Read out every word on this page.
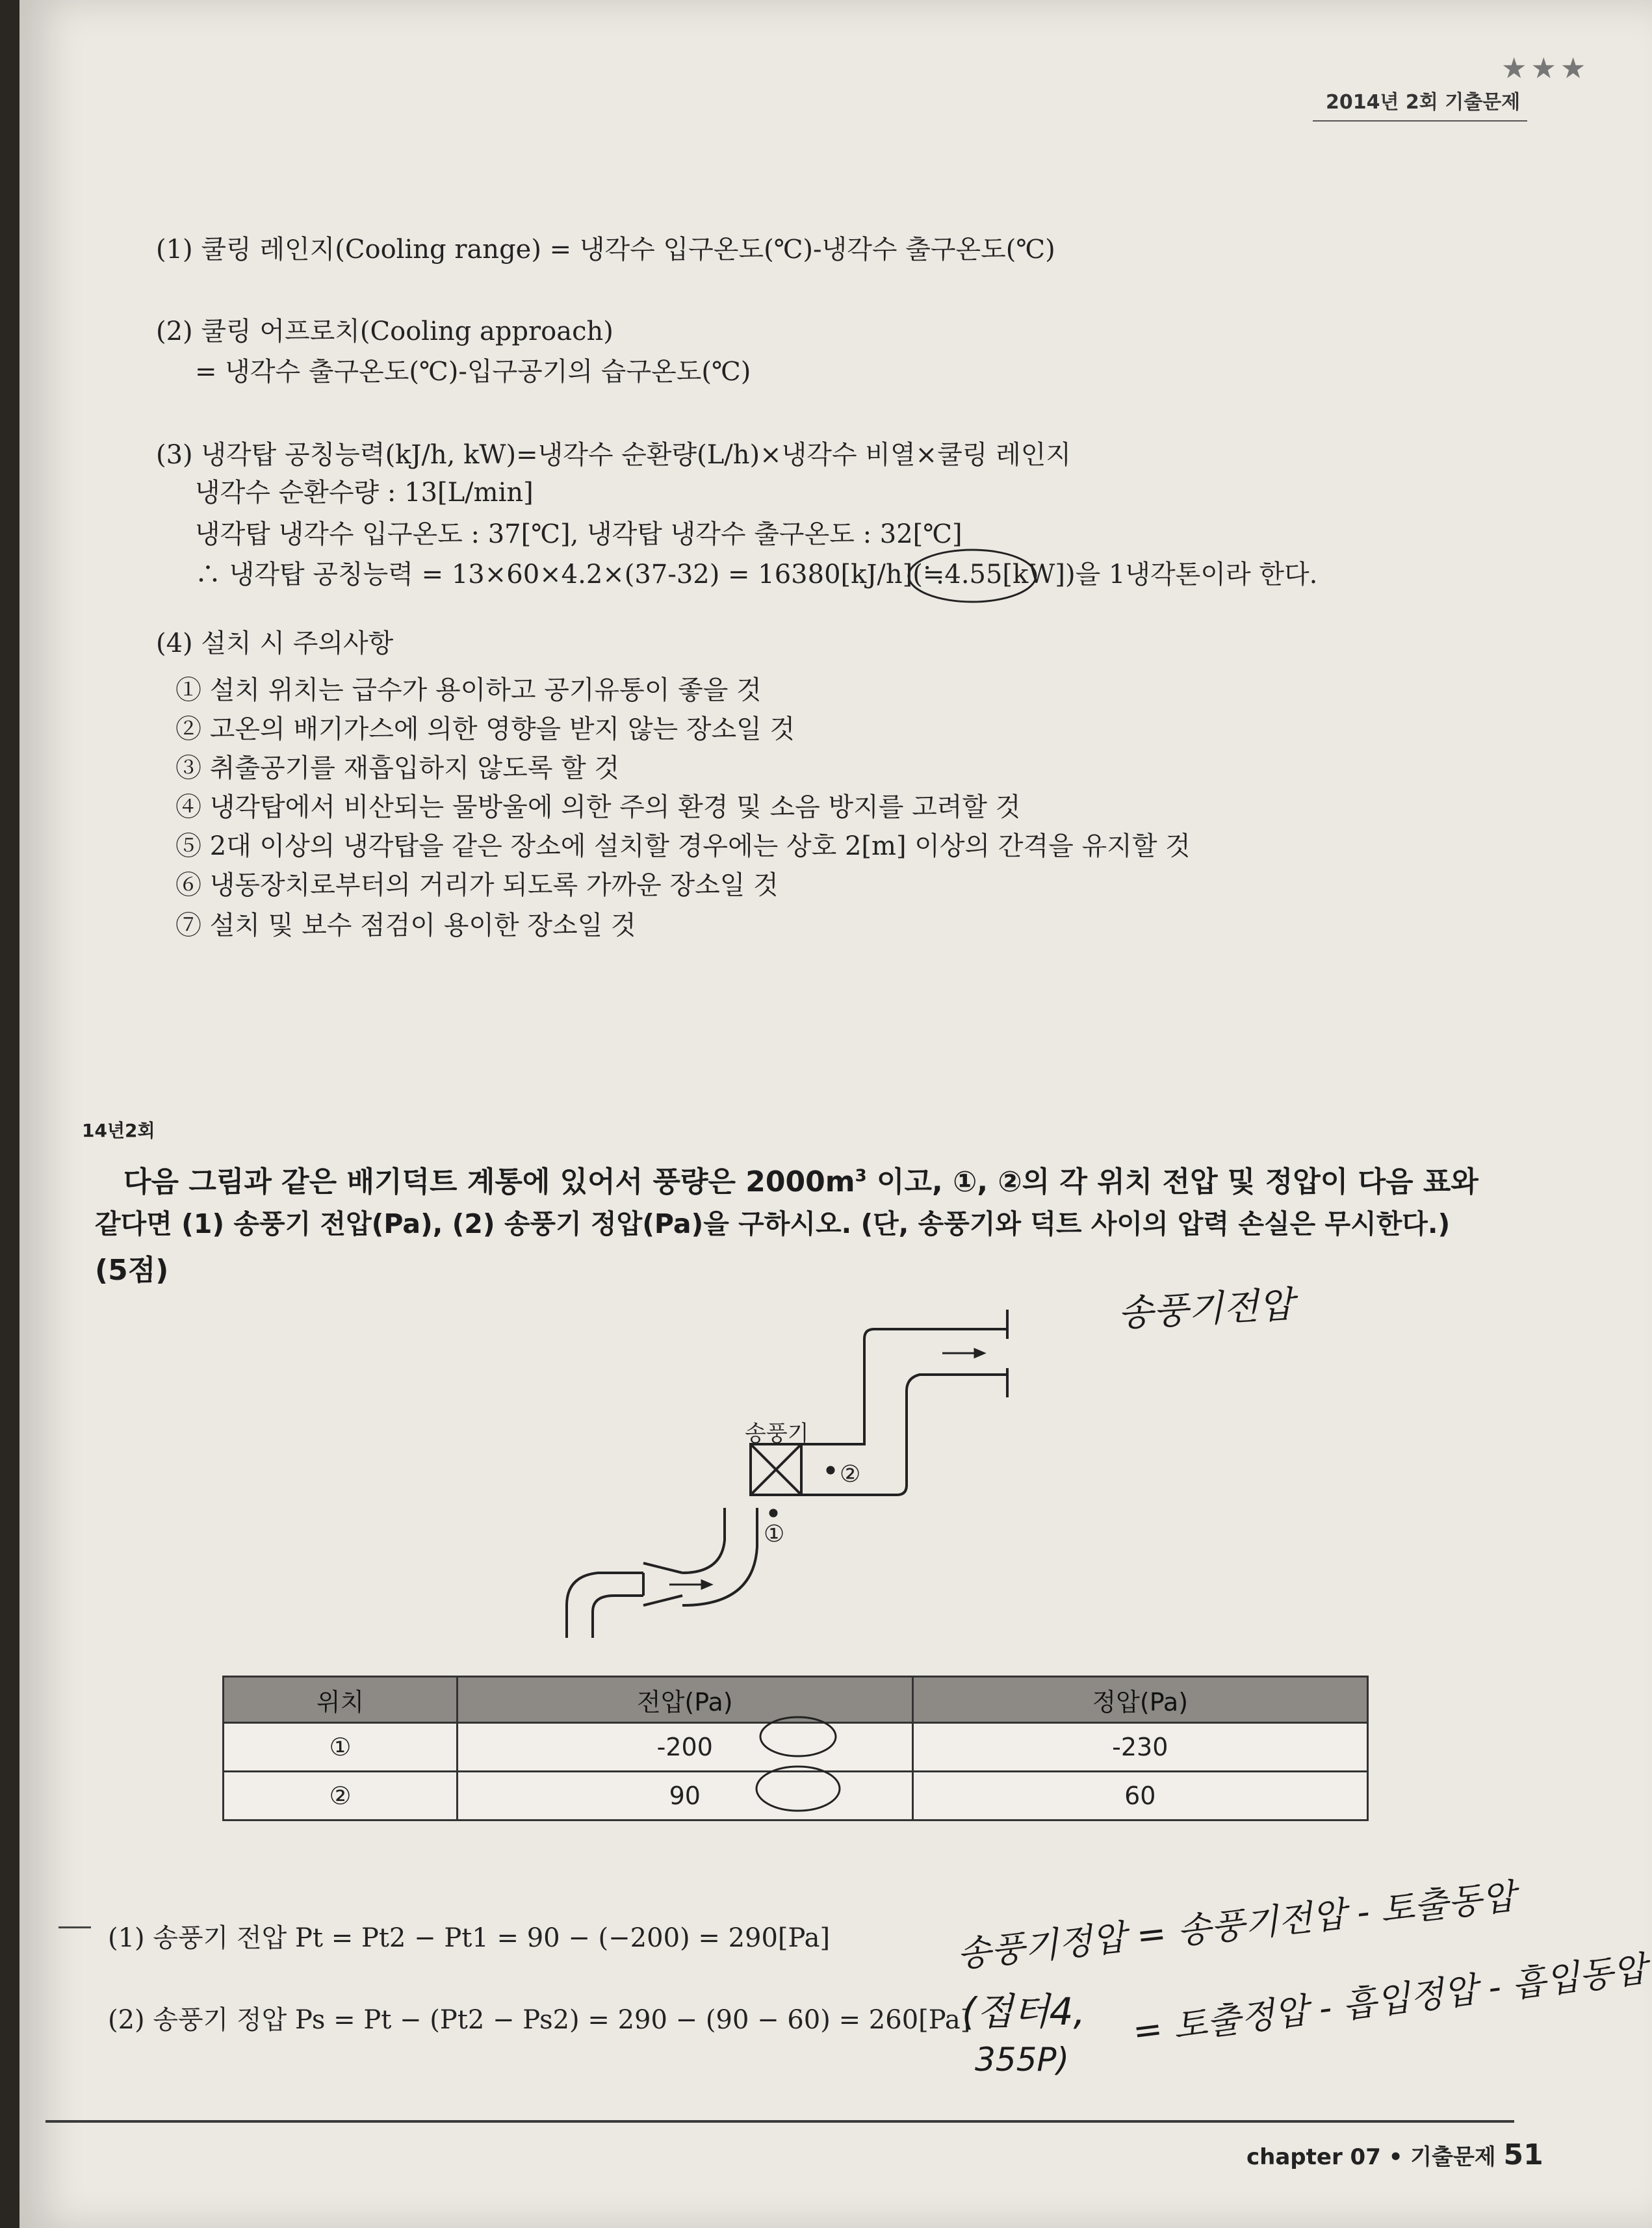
★★★
2014년 2회 기출문제
(1) 쿨링 레인지(Cooling range) = 냉각수 입구온도(℃)-냉각수 출구온도(℃)
(2) 쿨링 어프로치(Cooling approach)
= 냉각수 출구온도(℃)-입구공기의 습구온도(℃)
(3) 냉각탑 공칭능력(kJ/h, kW)=냉각수 순환량(L/h)×냉각수 비열×쿨링 레인지
냉각수 순환수량 : 13[L/min]
냉각탑 냉각수 입구온도 : 37[℃], 냉각탑 냉각수 출구온도 : 32[℃]
∴ 냉각탑 공칭능력 = 13×60×4.2×(37-32) = 16380[kJ/h](≒4.55[kW])을 1냉각톤이라 한다.
(4) 설치 시 주의사항
① 설치 위치는 급수가 용이하고 공기유통이 좋을 것
② 고온의 배기가스에 의한 영향을 받지 않는 장소일 것
③ 취출공기를 재흡입하지 않도록 할 것
④ 냉각탑에서 비산되는 물방울에 의한 주의 환경 및 소음 방지를 고려할 것
⑤ 2대 이상의 냉각탑을 같은 장소에 설치할 경우에는 상호 2[m] 이상의 간격을 유지할 것
⑥ 냉동장치로부터의 거리가 되도록 가까운 장소일 것
⑦ 설치 및 보수 점검이 용이한 장소일 것
14년2회
다음 그림과 같은 배기덕트 계통에 있어서 풍량은 $2000m^3$ 이고, ①, ②의 각 위치 전압 및 정압이 다음 표와
같다면 (1) 송풍기 전압(Pa), (2) 송풍기 정압(Pa)을 구하시오. (단, 송풍기와 덕트 사이의 압력 손실은 무시한다.)
(5점)
송풍기
①
②
위치	전압(Pa)	정압(Pa)
①	-200	-230
②	90	60
(1) 송풍기 전압 Pt = Pt2 − Pt1 = 90 − (−200) = 290[Pa]
(2) 송풍기 정압 Ps = Pt − (Pt2 − Ps2) = 290 − (90 − 60) = 260[Pa]
송풍기전압
송풍기정압 = 송풍기전압 - 토출동압
= 토출정압 - 흡입정압 - 흡입동압
(접터4,
355P)
chapter 07 • 기출문제 51
